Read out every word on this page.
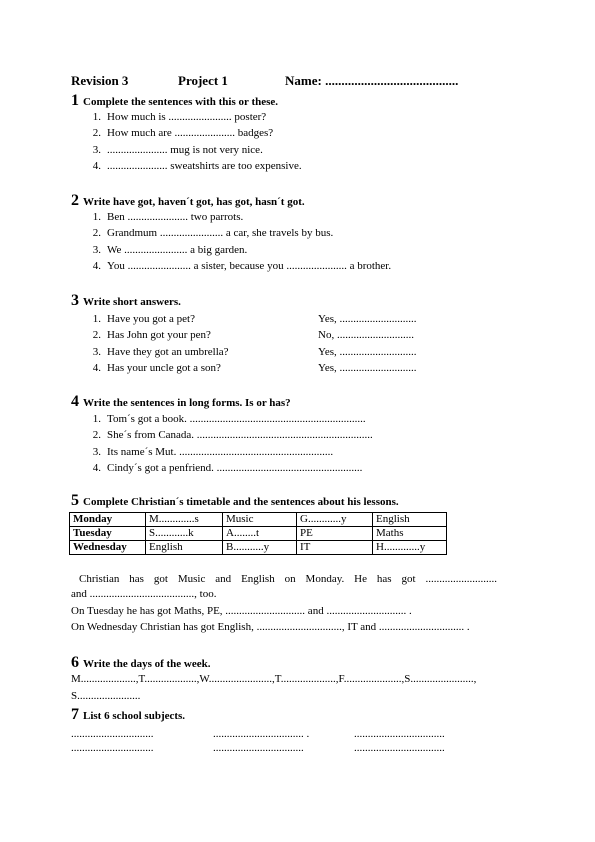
Revision 3	Project 1	Name: .........................................
1 Complete the sentences with this or these.
1. How much is ....................... poster?
2. How much are ...................... badges?
3. ...................... mug is not very nice.
4. ...................... sweatshirts are too expensive.
2 Write have got, haven´t got, has got, hasn´t got.
1. Ben ...................... two parrots.
2. Grandmum ....................... a car, she travels by bus.
3. We ....................... a big garden.
4. You ....................... a sister, because you ...................... a brother.
3 Write short answers.
1. Have you got a pet?	Yes, ............................
2. Has John got your pen?	No, ............................
3. Have they got an umbrella?	Yes, ............................
4. Has your uncle got a son?	Yes, ............................
4 Write the sentences in long forms. Is or has?
1. Tom´s got a book. ................................................................
2. She´s from Canada. ................................................................
3. Its name´s Mut. ........................................................
4. Cindy´s got a penfriend. .....................................................
5 Complete Christian´s timetable and the sentences about his lessons.
Monday	M.............s	Music	G............y	English
Tuesday	S............k	A........t	PE	Maths
Wednesday	English	B...........y	IT	H.............y
Christian has got Music and English on Monday. He has got ..........................
and ......................................, too.
On Tuesday he has got Maths, PE, ............................. and ............................. .
On Wednesday Christian has got English, ..............................., IT and ............................... .
6 Write the days of the week.
M....................,T...................,W.......................,T....................,F.....................,S.......................,
S.......................
7 List 6 school subjects.
..............................	................................. .	.................................
..............................	.................................	.................................
